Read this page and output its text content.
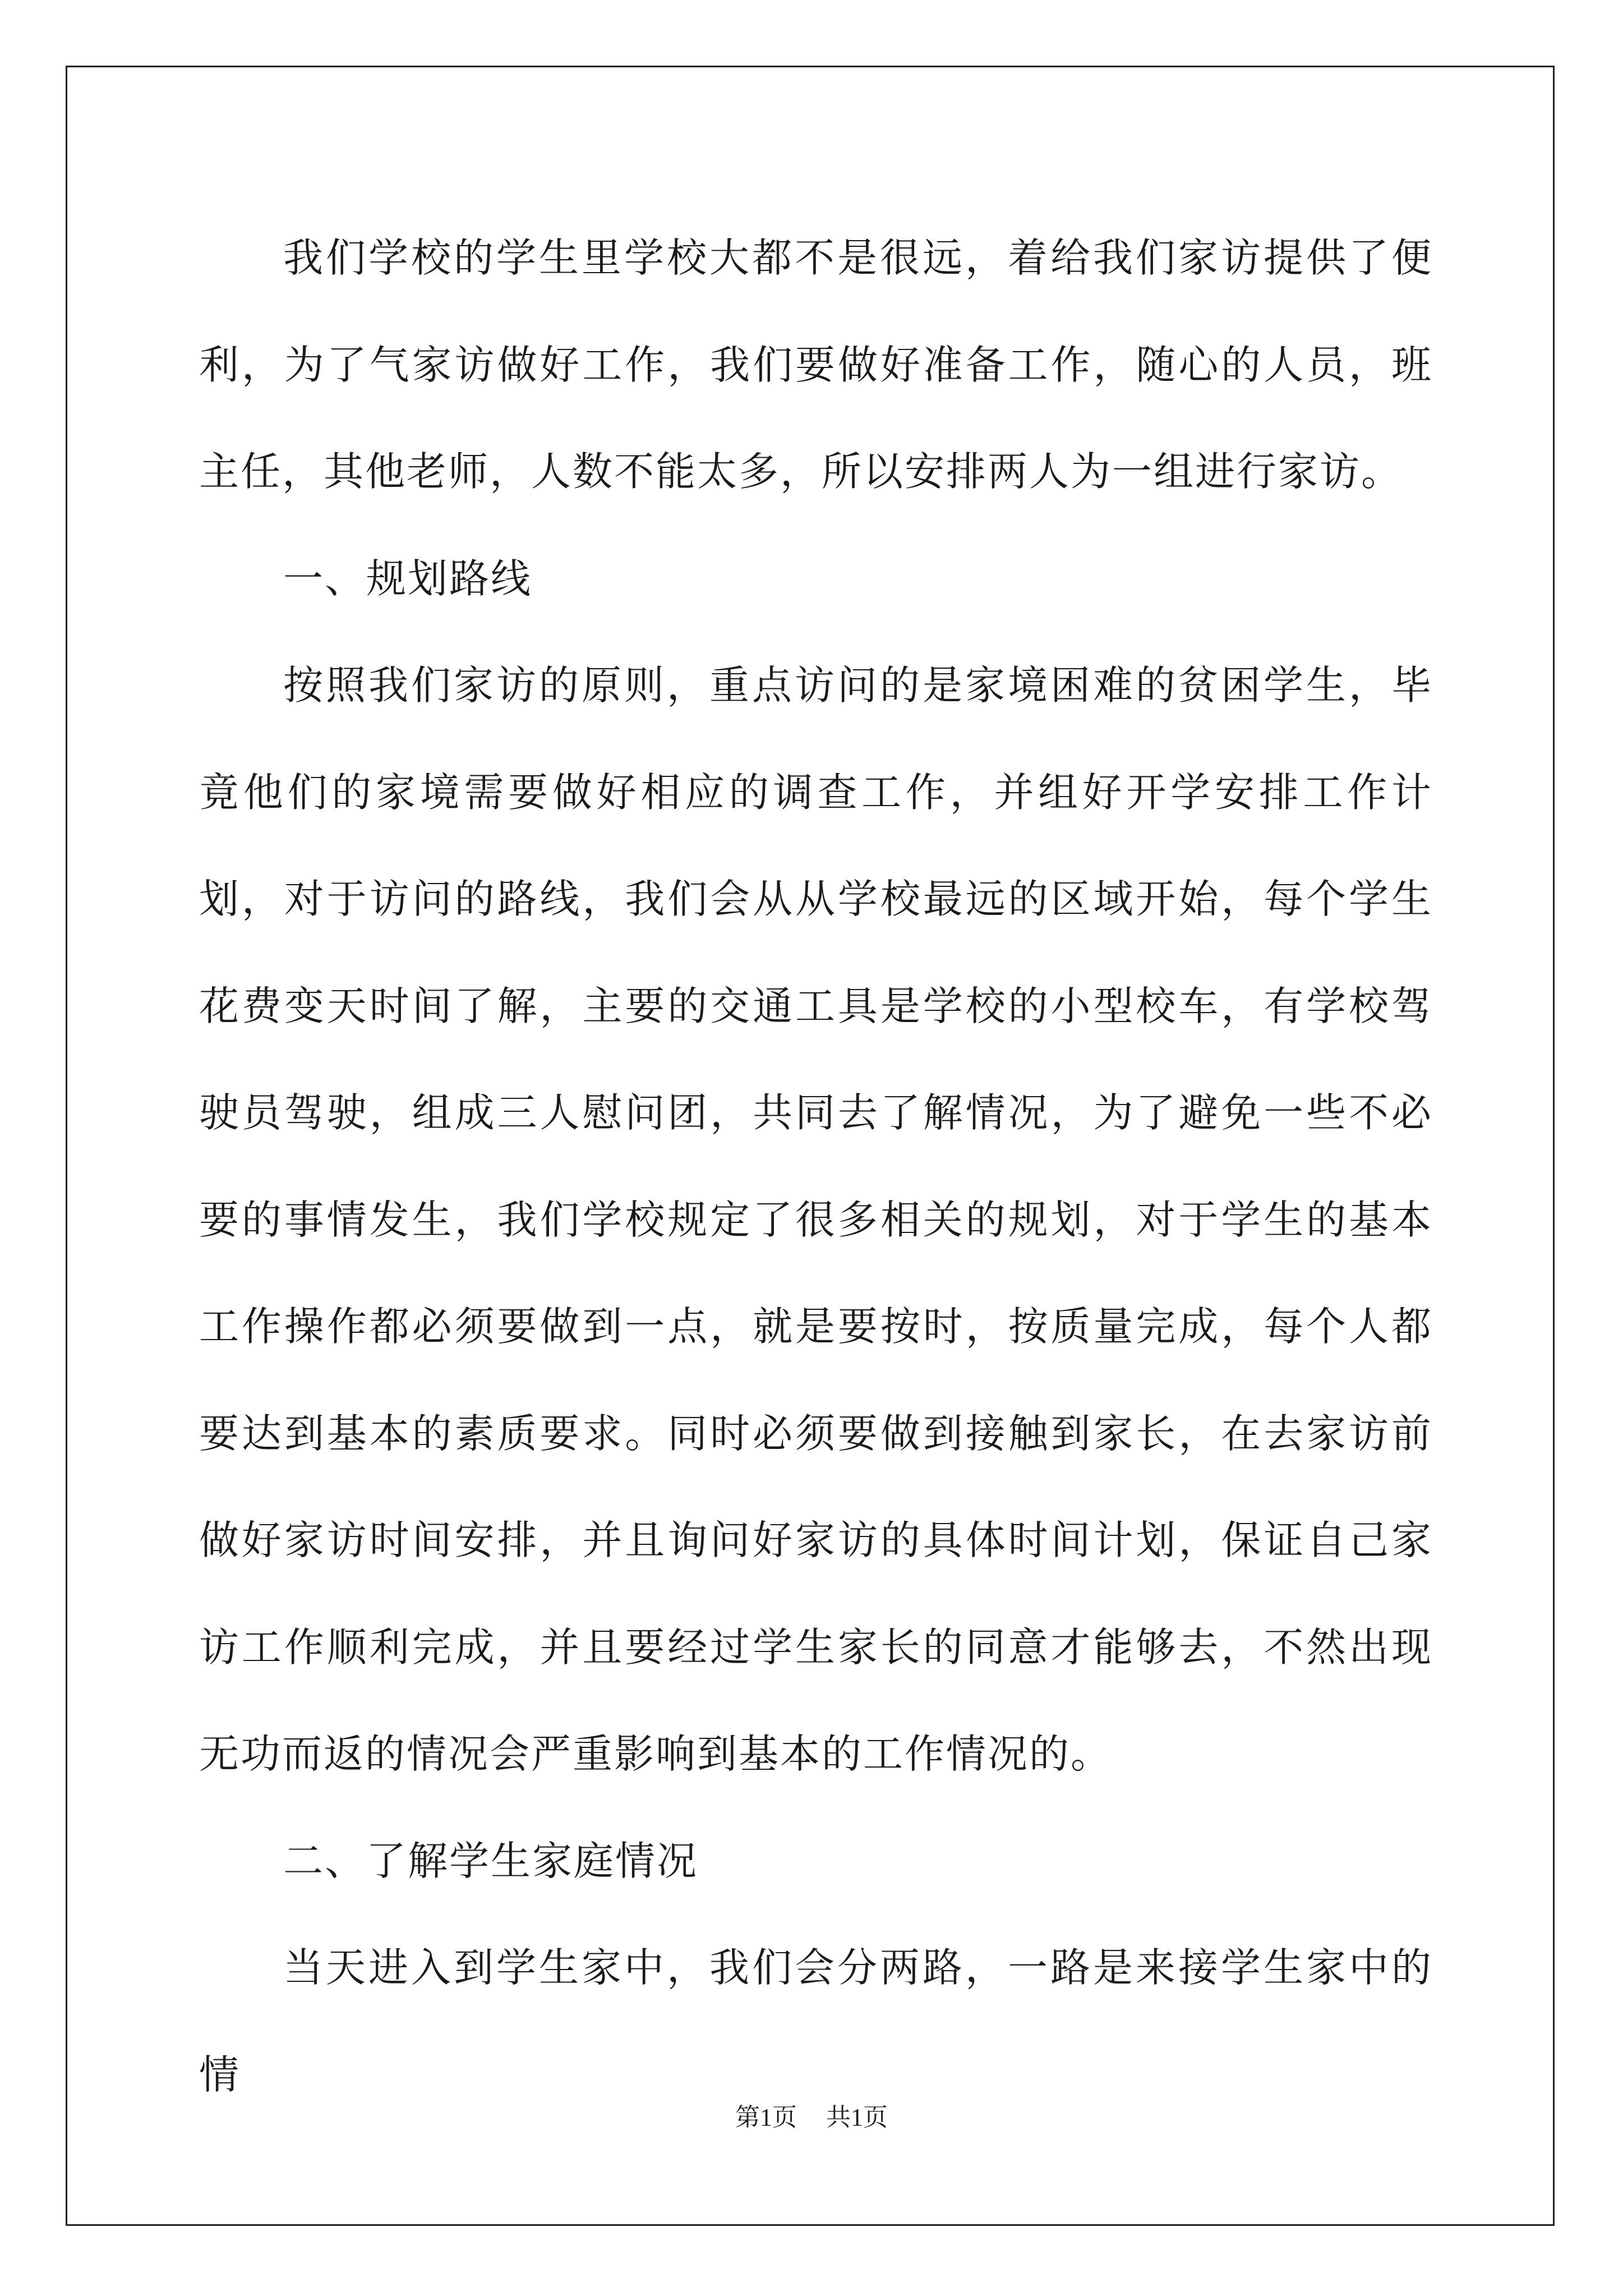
我们学校的学生里学校大都不是很远，着给我们家访提供了便利，为了气家访做好工作，我们要做好准备工作，随心的人员，班主任，其他老师，人数不能太多，所以安排两人为一组进行家访。

一、规划路线

按照我们家访的原则，重点访问的是家境困难的贫困学生，毕竟他们的家境需要做好相应的调查工作，并组好开学安排工作计划，对于访问的路线，我们会从从学校最远的区域开始，每个学生花费变天时间了解，主要的交通工具是学校的小型校车，有学校驾驶员驾驶，组成三人慰问团，共同去了解情况，为了避免一些不必要的事情发生，我们学校规定了很多相关的规划，对于学生的基本工作操作都必须要做到一点，就是要按时，按质量完成，每个人都要达到基本的素质要求。同时必须要做到接触到家长，在去家访前做好家访时间安排，并且询问好家访的具体时间计划，保证自己家访工作顺利完成，并且要经过学生家长的同意才能够去，不然出现无功而返的情况会严重影响到基本的工作情况的。

二、了解学生家庭情况

当天进入到学生家中，我们会分两路，一路是来接学生家中的情

第1页 共1页
